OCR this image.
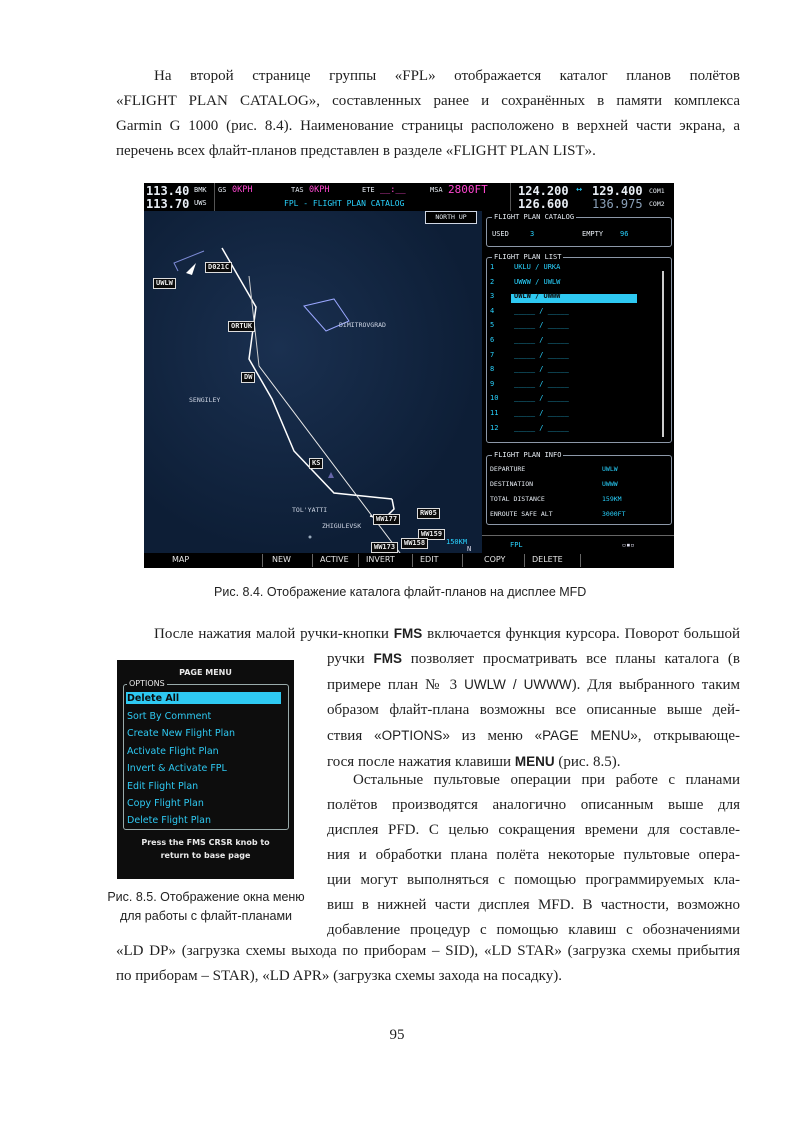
На второй странице группы «FPL» отображается каталог планов полётов
«FLIGHT PLAN CATALOG», составленных ранее и сохранённых в памяти комплекса
Garmin G 1000 (рис. 8.4). Наименование страницы расположено в верхней части экрана, а
перечень всех флайт-планов представлен в разделе «FLIGHT PLAN LIST».
113.40
113.70
BMK
UWS
GS 0KPH	TAS 0KPH	ETE __:__	MSA 2800FT
FPL - FLIGHT PLAN CATALOG
124.200 ↔ 129.400 COM1
126.600 136.975 COM2
D021C
UWLW
ORTUK	DIMITROVGRAD
DW
SENGILEY
KS
TOL'YATTI
ZHIGULEVSK
WW177
RW05
WW159
WW158
WW173	N
NORTH UP
150KM
FLIGHT PLAN CATALOG
USED	3	EMPTY 96
FLIGHT PLAN LIST
FLIGHT PLAN INFO
DEPARTURE	UWLW
DESTINATION	UWWW
TOTAL DISTANCE	159KM
ENROUTE SAFE ALT	3000FT
FPL	▫▪▫
1	UKLU / URKA
2	UWWW / UWLW
3	UWLW / UWWW
4	_____ / _____
5	_____ / _____
6	_____ / _____
7	_____ / _____
8	_____ / _____
9	_____ / _____
10 _____ / _____
11 _____ / _____
12 _____ / _____
MAP	NEW	ACTIVE INVERT	EDIT	COPY	DELETE
Рис. 8.4. Отображение каталога флайт-планов на дисплее MFD
После нажатия малой ручки-кнопки FMS включается функция курсора. Поворот большой
ручки FMS позволяет просматривать все планы каталога (в
примере план № 3 UWLW / UWWW). Для выбранного таким
образом флайт-плана возможны все описанные выше дей-
ствия «OPTIONS» из меню «PAGE MENU», открывающе-
гося после нажатия клавиши MENU (рис. 8.5).
Остальные пультовые операции при работе с планами
полётов производятся аналогично описанным выше для
дисплея PFD. С целью сокращения времени для составле-
ния и обработки плана полёта некоторые пультовые опера-
ции могут выполняться с помощью программируемых кла-
виш в нижней части дисплея MFD. В частности, возможно
добавление процедур с помощью клавиш с обозначениями
«LD DP» (загрузка схемы выхода по приборам – SID), «LD STAR» (загрузка схемы прибытия
по приборам – STAR), «LD APR» (загрузка схемы захода на посадку).
PAGE MENU
OPTIONS
Delete All
Sort By Comment
Create New Flight Plan
Activate Flight Plan
Invert & Activate FPL
Edit Flight Plan
Copy Flight Plan
Delete Flight Plan
Press the FMS CRSR knob to
return to base page
Рис. 8.5. Отображение окна меню
для работы с флайт-планами
95
